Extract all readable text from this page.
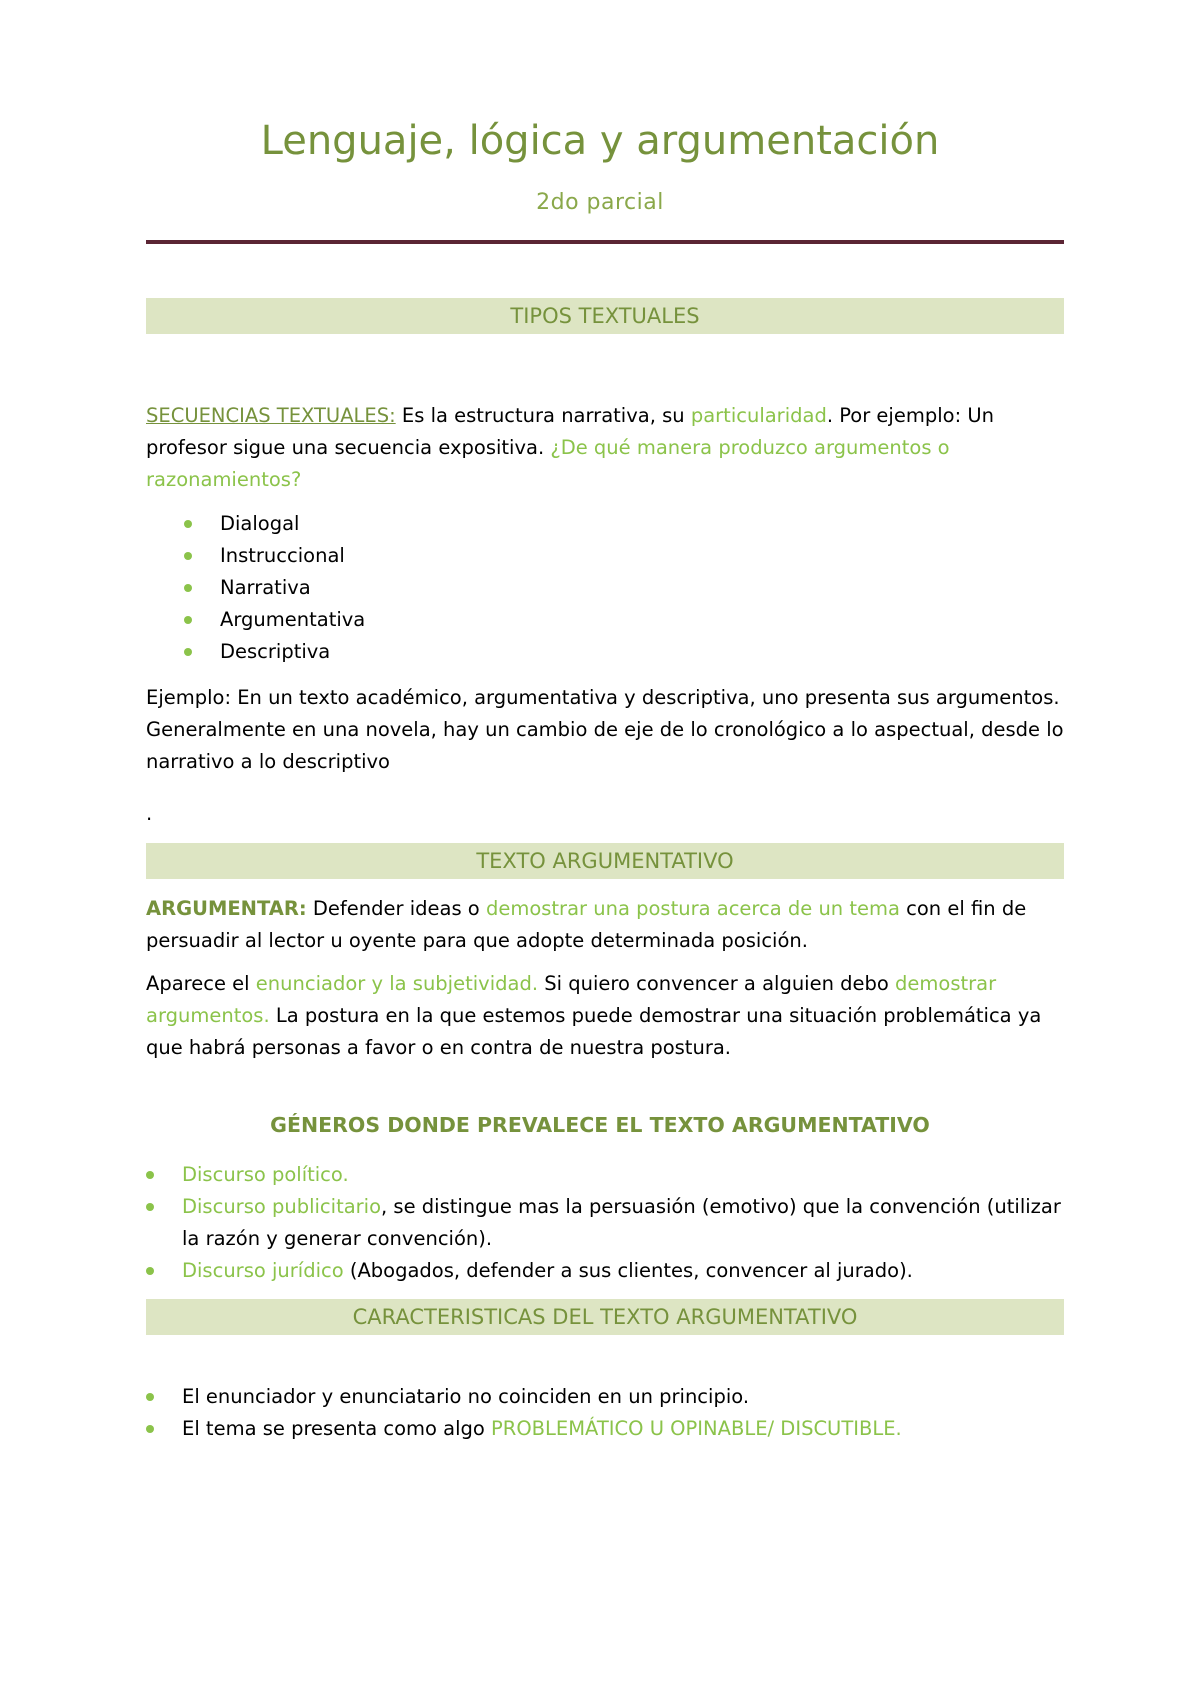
Lenguaje, lógica y argumentación

2do parcial

TIPOS TEXTUALES

SECUENCIAS TEXTUALES: Es la estructura narrativa, su particularidad. Por ejemplo: Un profesor sigue una secuencia expositiva. ¿De qué manera produzco argumentos o razonamientos?

Dialogal
Instruccional
Narrativa
Argumentativa
Descriptiva

Ejemplo: En un texto académico, argumentativa y descriptiva, uno presenta sus argumentos. Generalmente en una novela, hay un cambio de eje de lo cronológico a lo aspectual, desde lo narrativo a lo descriptivo

.

TEXTO ARGUMENTATIVO

ARGUMENTAR: Defender ideas o demostrar una postura acerca de un tema con el fin de persuadir al lector u oyente para que adopte determinada posición.

Aparece el enunciador y la subjetividad. Si quiero convencer a alguien debo demostrar argumentos. La postura en la que estemos puede demostrar una situación problemática ya que habrá personas a favor o en contra de nuestra postura.

GÉNEROS DONDE PREVALECE EL TEXTO ARGUMENTATIVO
Discurso político.
Discurso publicitario, se distingue mas la persuasión (emotivo) que la convención (utilizar la razón y generar convención).
Discurso jurídico (Abogados, defender a sus clientes, convencer al jurado).
CARACTERISTICAS DEL TEXTO ARGUMENTATIVO
El enunciador y enunciatario no coinciden en un principio.
El tema se presenta como algo PROBLEMÁTICO U OPINABLE/ DISCUTIBLE.
